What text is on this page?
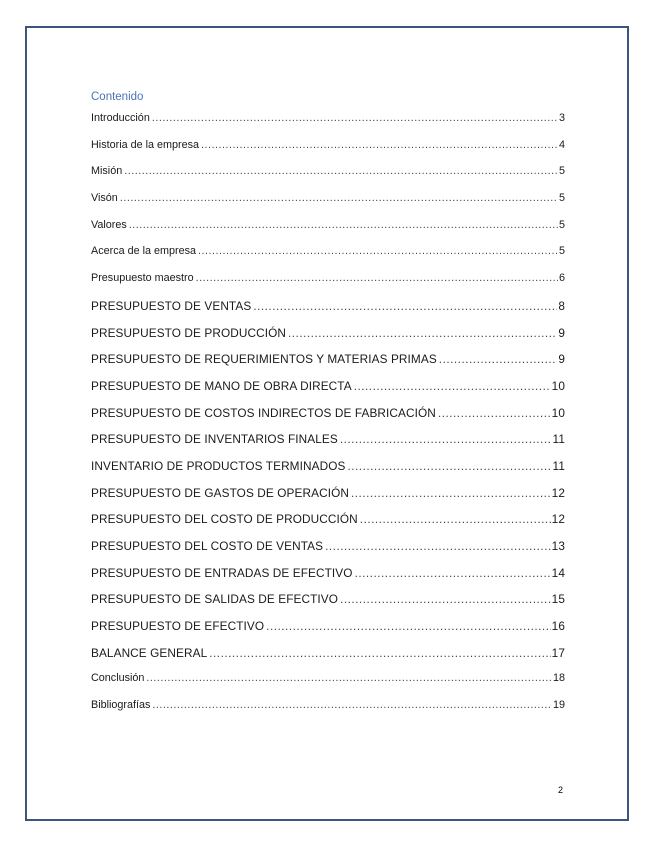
Contenido
Introducción .....	3
Historia de la empresa .....	4
Misión .....	5
Visón .....	5
Valores .....	5
Acerca de la empresa .....	5
Presupuesto maestro .....	6
PRESUPUESTO DE VENTAS .....	8
PRESUPUESTO DE PRODUCCIÓN .....	9
PRESUPUESTO DE REQUERIMIENTOS Y MATERIAS PRIMAS .....	9
PRESUPUESTO DE MANO DE OBRA DIRECTA .....	10
PRESUPUESTO DE COSTOS INDIRECTOS DE FABRICACIÓN .....	10
PRESUPUESTO DE INVENTARIOS FINALES .....	11
INVENTARIO DE PRODUCTOS TERMINADOS .....	11
PRESUPUESTO DE GASTOS DE OPERACIÓN .....	12
PRESUPUESTO DEL COSTO DE PRODUCCIÓN .....	12
PRESUPUESTO DEL COSTO DE VENTAS .....	13
PRESUPUESTO DE ENTRADAS DE EFECTIVO .....	14
PRESUPUESTO DE SALIDAS DE EFECTIVO .....	15
PRESUPUESTO DE EFECTIVO .....	16
BALANCE GENERAL .....	17
Conclusión .....	18
Bibliografías .....	19
2
